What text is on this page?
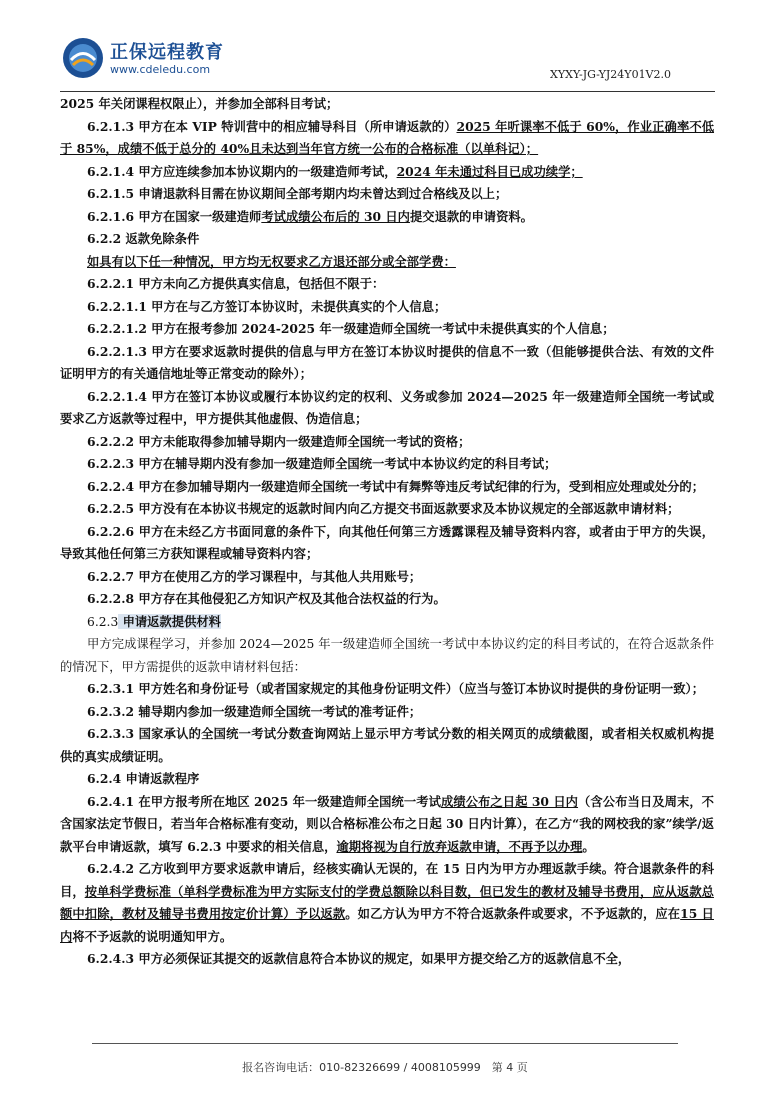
正保远程教育
www.cdeledu.com	XYXY-JG-YJ24Y01V2.0

2025 年关闭课程权限止），并参加全部科目考试；

6.2.1.3 甲方在本 VIP 特训营中的相应辅导科目（所申请返款的）2025 年听课率不低于 60%，作业正确率不低于 85%，成绩不低于总分的 40%且未达到当年官方统一公布的合格标准（以单科记）；

6.2.1.4 甲方应连续参加本协议期内的一级建造师考试，2024 年未通过科目已成功续学；

6.2.1.5 申请退款科目需在协议期间全部考期内均未曾达到过合格线及以上；

6.2.1.6 甲方在国家一级建造师考试成绩公布后的 30 日内提交退款的申请资料。

6.2.2 返款免除条件

如具有以下任一种情况，甲方均无权要求乙方退还部分或全部学费：

6.2.2.1 甲方未向乙方提供真实信息，包括但不限于：

6.2.2.1.1 甲方在与乙方签订本协议时，未提供真实的个人信息；

6.2.2.1.2 甲方在报考参加 2024-2025 年一级建造师全国统一考试中未提供真实的个人信息；

6.2.2.1.3 甲方在要求返款时提供的信息与甲方在签订本协议时提供的信息不一致（但能够提供合法、有效的文件证明甲方的有关通信地址等正常变动的除外）；

6.2.2.1.4 甲方在签订本协议或履行本协议约定的权利、义务或参加 2024—2025 年一级建造师全国统一考试或要求乙方返款等过程中，甲方提供其他虚假、伪造信息；

6.2.2.2 甲方未能取得参加辅导期内一级建造师全国统一考试的资格；

6.2.2.3 甲方在辅导期内没有参加一级建造师全国统一考试中本协议约定的科目考试；

6.2.2.4 甲方在参加辅导期内一级建造师全国统一考试中有舞弊等违反考试纪律的行为，受到相应处理或处分的；

6.2.2.5 甲方没有在本协议书规定的返款时间内向乙方提交书面返款要求及本协议规定的全部返款申请材料；

6.2.2.6 甲方在未经乙方书面同意的条件下，向其他任何第三方透露课程及辅导资料内容，或者由于甲方的失误，导致其他任何第三方获知课程或辅导资料内容；

6.2.2.7 甲方在使用乙方的学习课程中，与其他人共用账号；

6.2.2.8 甲方存在其他侵犯乙方知识产权及其他合法权益的行为。

6.2.3 申请返款提供材料

甲方完成课程学习，并参加 2024—2025 年一级建造师全国统一考试中本协议约定的科目考试的，在符合返款条件的情况下，甲方需提供的返款申请材料包括：

6.2.3.1 甲方姓名和身份证号（或者国家规定的其他身份证明文件）（应当与签订本协议时提供的身份证明一致）；

6.2.3.2 辅导期内参加一级建造师全国统一考试的准考证件；

6.2.3.3 国家承认的全国统一考试分数查询网站上显示甲方考试分数的相关网页的成绩截图，或者相关权威机构提供的真实成绩证明。

6.2.4 申请返款程序

6.2.4.1 在甲方报考所在地区 2025 年一级建造师全国统一考试成绩公布之日起 30 日内（含公布当日及周末，不含国家法定节假日，若当年合格标准有变动，则以合格标准公布之日起 30 日内计算），在乙方“我的网校我的家”续学/返款平台申请返款，填写 6.2.3 中要求的相关信息，逾期将视为自行放弃返款申请，不再予以办理。

6.2.4.2 乙方收到甲方要求返款申请后，经核实确认无误的，在 15 日内为甲方办理返款手续。符合退款条件的科目，按单科学费标准（单科学费标准为甲方实际支付的学费总额除以科目数，但已发生的教材及辅导书费用，应从返款总额中扣除，教材及辅导书费用按定价计算）予以返款。如乙方认为甲方不符合返款条件或要求，不予返款的，应在15 日内将不予返款的说明通知甲方。

6.2.4.3 甲方必须保证其提交的返款信息符合本协议的规定，如果甲方提交给乙方的返款信息不全，

报名咨询电话：010-82326699 / 4008105999　第 4 页
